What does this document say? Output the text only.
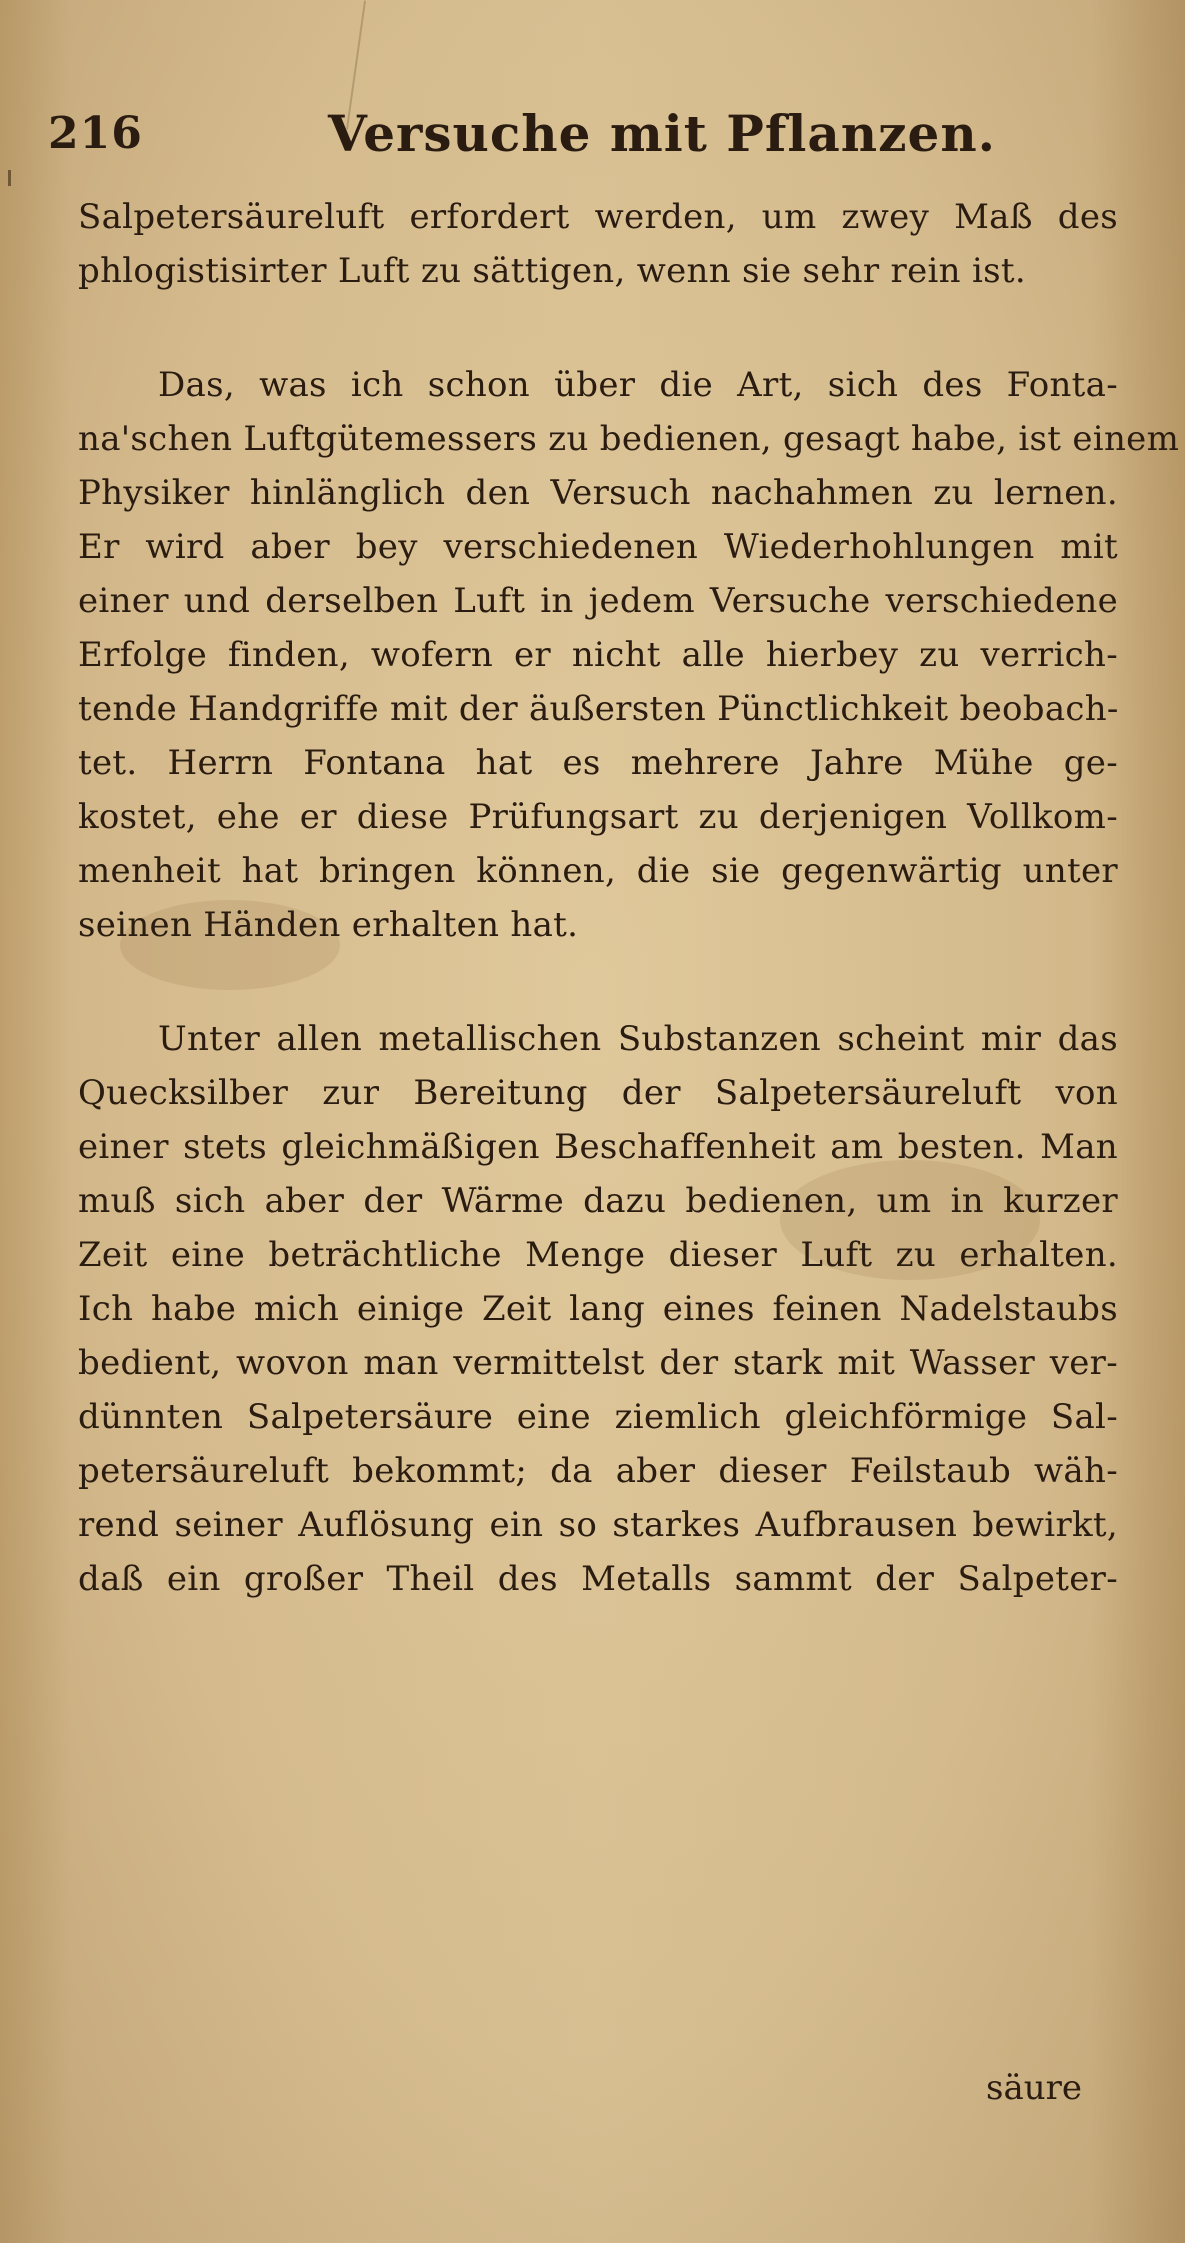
216	Versuche mit Pflanzen.
Salpetersäureluft erfordert werden, um zwey Maß des
phlogistisirter Luft zu sättigen, wenn sie sehr rein ist.
Das, was ich schon über die Art, sich des Fonta-
na'schen Luftgütemessers zu bedienen, gesagt habe, ist einem
Physiker hinlänglich den Versuch nachahmen zu lernen.
Er wird aber bey verschiedenen Wiederhohlungen mit
einer und derselben Luft in jedem Versuche verschiedene
Erfolge finden, wofern er nicht alle hierbey zu verrich-
tende Handgriffe mit der äußersten Pünctlichkeit beobach-
tet. Herrn Fontana hat es mehrere Jahre Mühe ge-
kostet, ehe er diese Prüfungsart zu derjenigen Vollkom-
menheit hat bringen können, die sie gegenwärtig unter
seinen Händen erhalten hat.
Unter allen metallischen Substanzen scheint mir das
Quecksilber zur Bereitung der Salpetersäureluft von
einer stets gleichmäßigen Beschaffenheit am besten. Man
muß sich aber der Wärme dazu bedienen, um in kurzer
Zeit eine beträchtliche Menge dieser Luft zu erhalten.
Ich habe mich einige Zeit lang eines feinen Nadelstaubs
bedient, wovon man vermittelst der stark mit Wasser ver-
dünnten Salpetersäure eine ziemlich gleichförmige Sal-
petersäureluft bekommt; da aber dieser Feilstaub wäh-
rend seiner Auflösung ein so starkes Aufbrausen bewirkt,
daß ein großer Theil des Metalls sammt der Salpeter-
säure
